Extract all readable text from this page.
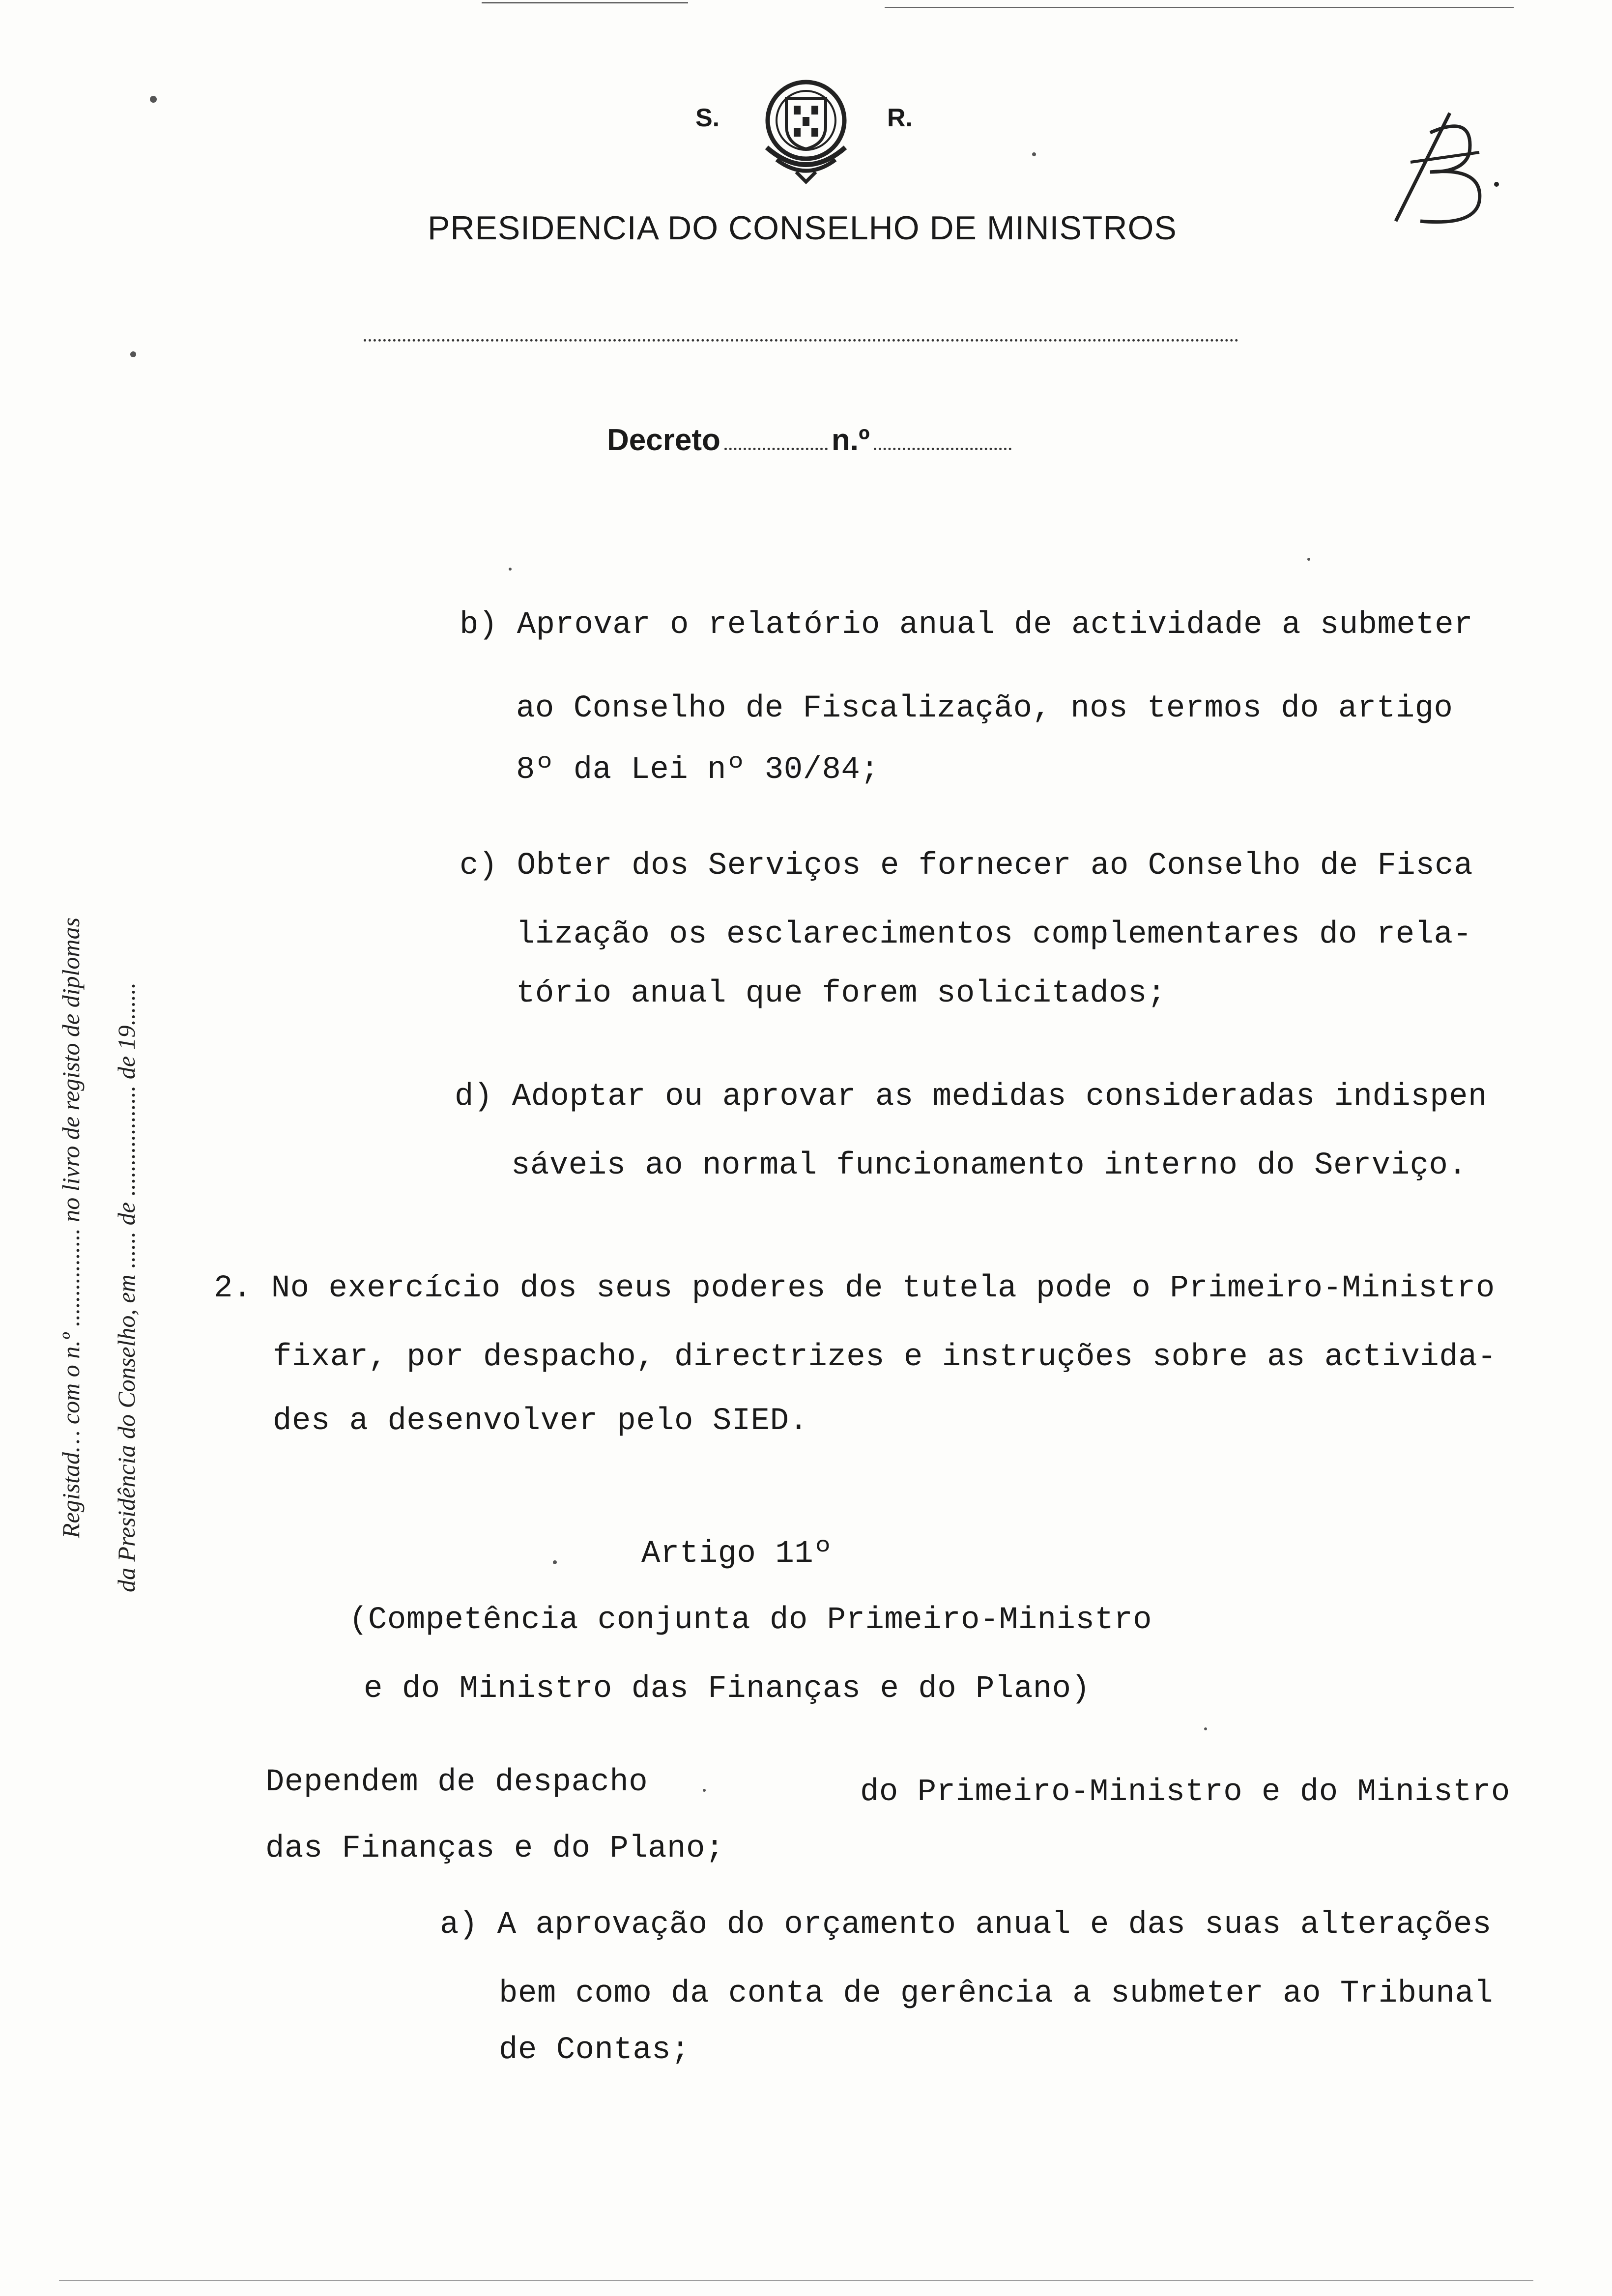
S.	R.
PRESIDENCIA DO CONSELHO DE MINISTROS
Decreto	n.º
Registad… com o n.º ................ no livro de registo de diplomas da Presidência do Conselho, em ...... de .................. de 19.......
b) Aprovar o relatório anual de actividade a submeter
ao Conselho de Fiscalização, nos termos do artigo
8º da Lei nº 30/84;
c) Obter dos Serviços e fornecer ao Conselho de Fisca
lização os esclarecimentos complementares do rela-
tório anual que forem solicitados;
d) Adoptar ou aprovar as medidas consideradas indispen
sáveis ao normal funcionamento interno do Serviço.
2. No exercício dos seus poderes de tutela pode o Primeiro-Ministro
fixar, por despacho, directrizes e instruções sobre as activida-
des a desenvolver pelo SIED.
Artigo 11º
(Competência conjunta do Primeiro-Ministro
e do Ministro das Finanças e do Plano)
Dependem de despacho	do Primeiro-Ministro e do Ministro
das Finanças e do Plano;
a) A aprovação do orçamento anual e das suas alterações
bem como da conta de gerência a submeter ao Tribunal
de Contas;
